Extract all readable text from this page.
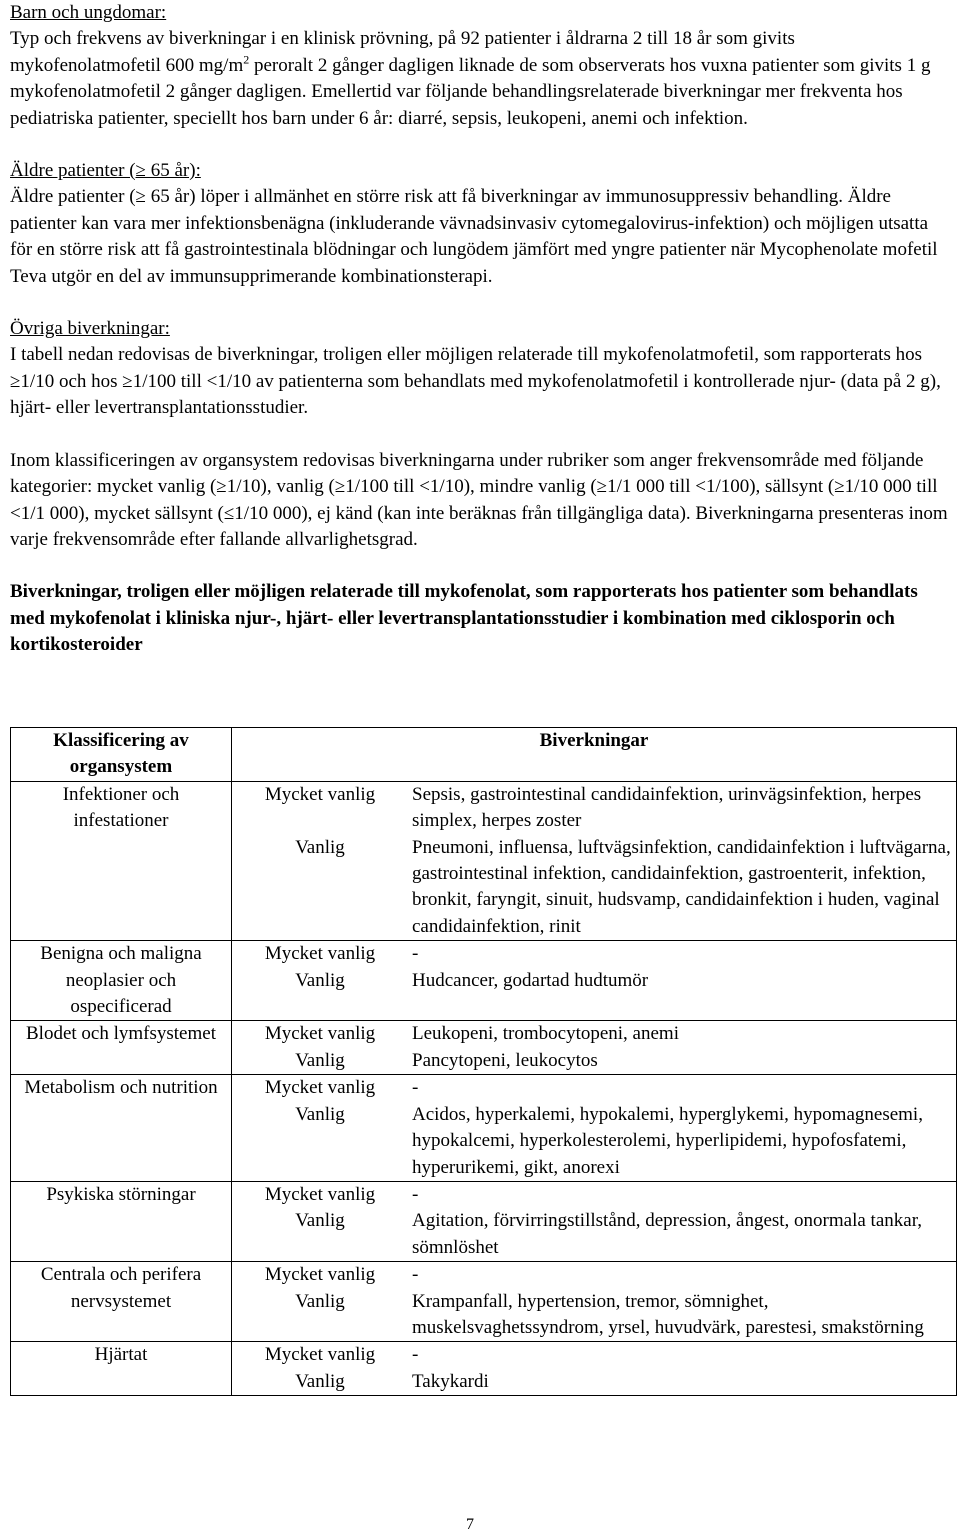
Barn och ungdomar:

Typ och frekvens av biverkningar i en klinisk prövning, på 92 patienter i åldrarna 2 till 18 år som givits mykofenolatmofetil 600 $mg/m^2$ peroralt 2 gånger dagligen liknade de som observerats hos vuxna patienter som givits 1 g mykofenolatmofetil 2 gånger dagligen. Emellertid var följande behandlingsrelaterade biverkningar mer frekventa hos pediatriska patienter, speciellt hos barn under 6 år: diarré, sepsis, leukopeni, anemi och infektion.

Äldre patienter (≥ 65 år):

Äldre patienter (≥ 65 år) löper i allmänhet en större risk att få biverkningar av immunosuppressiv behandling. Äldre patienter kan vara mer infektionsbenägna (inkluderande vävnadsinvasiv cytomegalovirus-infektion) och möjligen utsatta för en större risk att få gastrointestinala blödningar och lungödem jämfört med yngre patienter när Mycophenolate mofetil Teva utgör en del av immunsupprimerande kombinationsterapi.

Övriga biverkningar:

I tabell nedan redovisas de biverkningar, troligen eller möjligen relaterade till mykofenolatmofetil, som rapporterats hos ≥1/10 och hos ≥1/100 till <1/10 av patienterna som behandlats med mykofenolatmofetil i kontrollerade njur- (data på 2 g), hjärt- eller levertransplantationsstudier.

Inom klassificeringen av organsystem redovisas biverkningarna under rubriker som anger frekvensområde med följande kategorier: mycket vanlig (≥1/10), vanlig (≥1/100 till <1/10), mindre vanlig (≥1/1 000 till <1/100), sällsynt (≥1/10 000 till <1/1 000), mycket sällsynt (≤1/10 000), ej känd (kan inte beräknas från tillgängliga data). Biverkningarna presenteras inom varje frekvensområde efter fallande allvarlighetsgrad.

Biverkningar, troligen eller möjligen relaterade till mykofenolat, som rapporterats hos patienter som behandlats med mykofenolat i kliniska njur-, hjärt- eller levertransplantationsstudier i kombination med ciklosporin och kortikosteroider

Klassificering av organsystem	Biverkningar
Infektioner och infestationer	
Mycket vanlig	Sepsis, gastrointestinal candidainfektion, urinvägsinfektion, herpes simplex, herpes zoster
Vanlig	Pneumoni, influensa, luftvägsinfektion, candidainfektion i luftvägarna, gastrointestinal infektion, candidainfektion, gastroenterit, infektion, bronkit, faryngit, sinuit, hudsvamp, candidainfektion i huden, vaginal candidainfektion, rinit

Benigna och maligna neoplasier och ospecificerad	
Mycket vanlig	-
Vanlig	Hudcancer, godartad hudtumör

Blodet och lymfsystemet		Mycket vanlig	Leukopeni, trombocytopeni, anemi
Vanlig	Pancytopeni, leukocytos

Metabolism och nutrition	Mycket vanlig	-
Vanlig	Acidos, hyperkalemi, hypokalemi, hyperglykemi, hypomagnesemi, hypokalcemi, hyperkolesterolemi, hyperlipidemi, hypofosfatemi, hyperurikemi, gikt, anorexi

Psykiska störningar		Mycket vanlig	-
Vanlig	Agitation, förvirringstillstånd, depression, ångest, onormala tankar, sömnlöshet

Centrala och perifera nervsystemet	
Mycket vanlig	-
Vanlig	Krampanfall, hypertension, tremor, sömnighet, muskelsvaghetssyndrom, yrsel, huvudvärk, parestesi, smakstörning

Hjärtat		Mycket vanlig	-
Vanlig	Takykardi
7
